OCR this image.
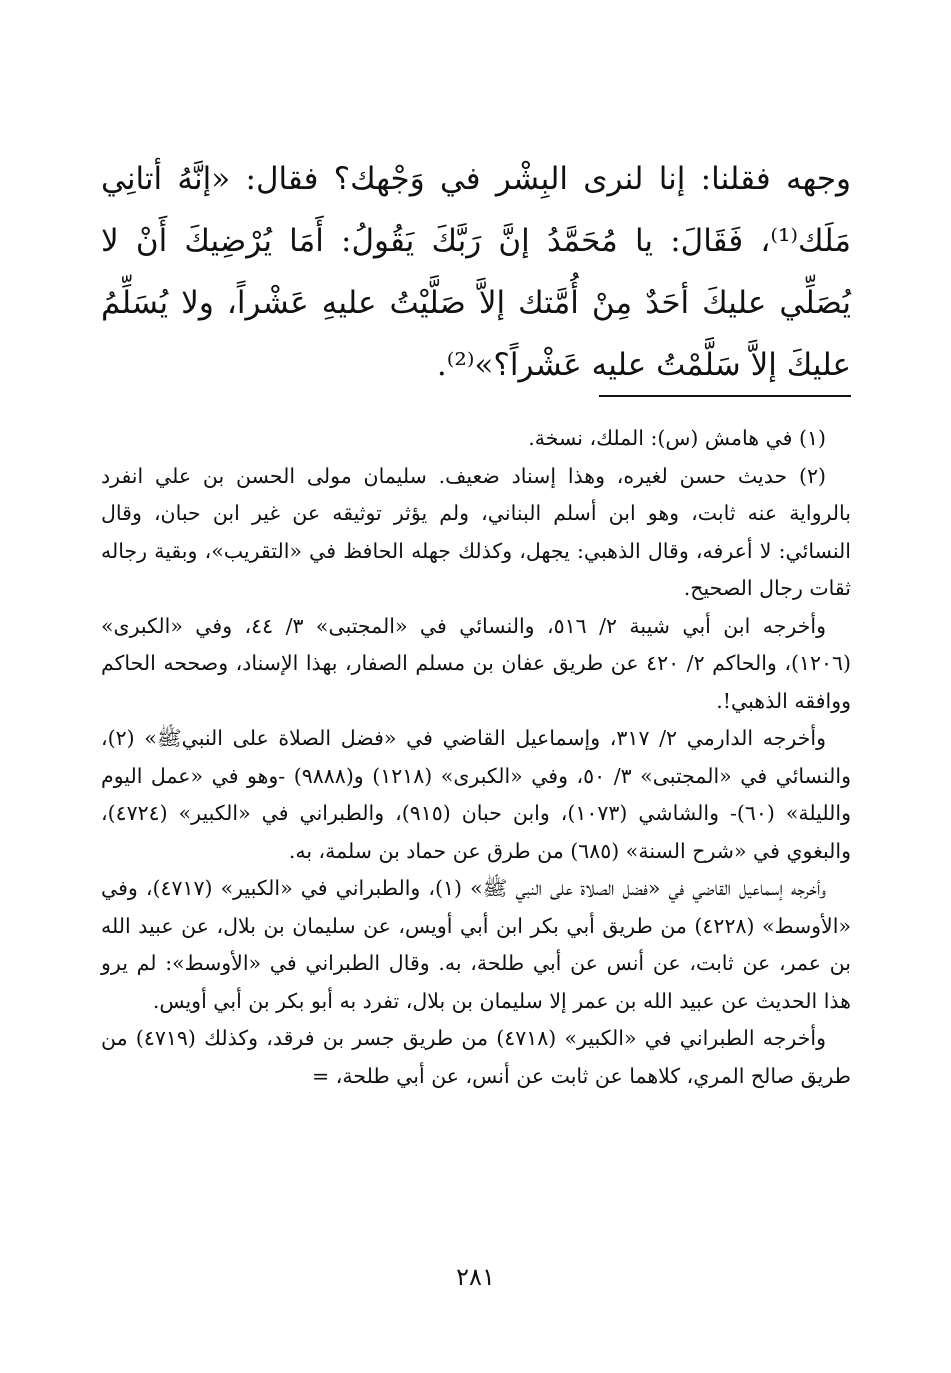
وجهه فقلنا: إنا لنرى البِشْر في وَجْهك؟ فقال: «إنَّهُ أتانِي مَلَك⁽¹⁾، فَقَالَ: يا مُحَمَّدُ إنَّ رَبَّكَ يَقُولُ: أَمَا يُرْضِيكَ أَنْ لا يُصَلِّي عليكَ أحَدٌ مِنْ أُمَّتك إلاَّ صَلَّيْتُ عليهِ عَشْراً، ولا يُسَلِّمُ عليكَ إلاَّ سَلَّمْتُ عليه عَشْراً؟»⁽²⁾.

(١) في هامش (س): الملك، نسخة.

(٢) حديث حسن لغيره، وهذا إسناد ضعيف. سليمان مولى الحسن بن علي انفرد بالرواية عنه ثابت، وهو ابن أسلم البناني، ولم يؤثر توثيقه عن غير ابن حبان، وقال النسائي: لا أعرفه، وقال الذهبي: يجهل، وكذلك جهله الحافظ في «التقريب»، وبقية رجاله ثقات رجال الصحيح.

وأخرجه ابن أبي شيبة ٢/ ٥١٦، والنسائي في «المجتبى» ٣/ ٤٤، وفي «الكبرى» (١٢٠٦)، والحاكم ٢/ ٤٢٠ عن طريق عفان بن مسلم الصفار، بهذا الإسناد، وصححه الحاكم ووافقه الذهبي!.

وأخرجه الدارمي ٢/ ٣١٧، وإسماعيل القاضي في «فضل الصلاة على النبيﷺ» (٢)، والنسائي في «المجتبى» ٣/ ٥٠، وفي «الكبرى» (١٢١٨) و(٩٨٨٨) -وهو في «عمل اليوم والليلة» (٦٠)- والشاشي (١٠٧٣)، وابن حبان (٩١٥)، والطبراني في «الكبير» (٤٧٢٤)، والبغوي في «شرح السنة» (٦٨٥) من طرق عن حماد بن سلمة، به.

وأخرجه إسماعيل القاضي في «فضل الصلاة على النبي ﷺ» (١)، والطبراني في «الكبير» (٤٧١٧)، وفي «الأوسط» (٤٢٢٨) من طريق أبي بكر ابن أبي أويس، عن سليمان بن بلال، عن عبيد الله بن عمر، عن ثابت، عن أنس عن أبي طلحة، به. وقال الطبراني في «الأوسط»: لم يرو هذا الحديث عن عبيد الله بن عمر إلا سليمان بن بلال، تفرد به أبو بكر بن أبي أويس.

وأخرجه الطبراني في «الكبير» (٤٧١٨) من طريق جسر بن فرقد، وكذلك (٤٧١٩) من طريق صالح المري، كلاهما عن ثابت عن أنس، عن أبي طلحة، =

٢٨١
